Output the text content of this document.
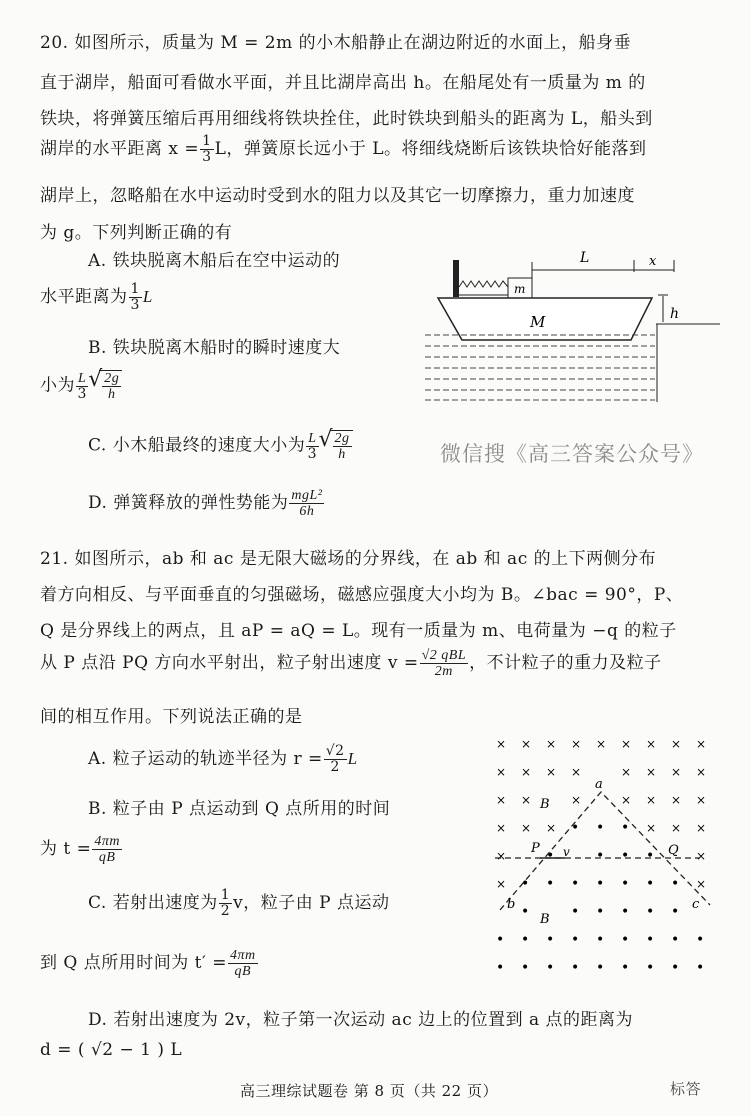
微信搜《高三答案公众号》
20. 如图所示，质量为 M = 2m 的小木船静止在湖边附近的水面上，船身垂
直于湖岸，船面可看做水平面，并且比湖岸高出 h。在船尾处有一质量为 m 的
铁块，将弹簧压缩后再用细线将铁块拴住，此时铁块到船头的距离为 L，船头到
湖岸的水平距离 $x = \frac{1}{3}$ L，弹簧原长远小于 L。将细线烧断后该铁块恰好能落到
湖岸上，忽略船在水中运动时受到水的阻力以及其它一切摩擦力，重力加速度
为 g。下列判断正确的有
A. 铁块脱离木船后在空中运动的
水平距离为 $\frac{1}{3}$ L
B. 铁块脱离木船时的瞬时速度大
小为 $\frac{L}{3}$ √ $\frac{2g}{h}$
C. 小木船最终的速度大小为 $\frac{L}{3}$ √ $\frac{2g}{h}$
D. 弹簧释放的弹性势能为 mgL²
6h
m
M
L	x
h
21. 如图所示，ab 和 ac 是无限大磁场的分界线，在 ab 和 ac 的上下两侧分布
着方向相反、与平面垂直的匀强磁场，磁感应强度大小均为 B。∠bac = 90°，P、
Q 是分界线上的两点，且 aP = aQ = L。现有一质量为 m、电荷量为 −q 的粒子
从 P 点沿 PQ 方向水平射出，粒子射出速度 v = √2 qBL
2m ，不计粒子的重力及粒子
间的相互作用。下列说法正确的是
A. 粒子运动的轨迹半径为 $r = \frac{√2}{2}$ L
B. 粒子由 P 点运动到 Q 点所用的时间
为 $t = \frac{4\pi m}{qB}$
C. 若射出速度为 $\frac{1}{2}$ v，粒子由 P 点运动
到 Q 点所用时间为 $t' = \frac{4\pi m}{qB}$
D. 若射出速度为 2v，粒子第一次运动 ac 边上的位置到 a 点的距离为
d = ( √2 − 1 ) L
× × × × × × × × ×
× × × ×	× × × ×
× ×	×	× × × ×
× × × • • • × × ×
×	•	• • •	×
× • • • • • • • ×
•	• • • • •
• • • • • • • • •
• • • • • • • • •
a
b	c
P	Q
v
B
B
高三理综试题卷 第 8 页（共 22 页）	标答
